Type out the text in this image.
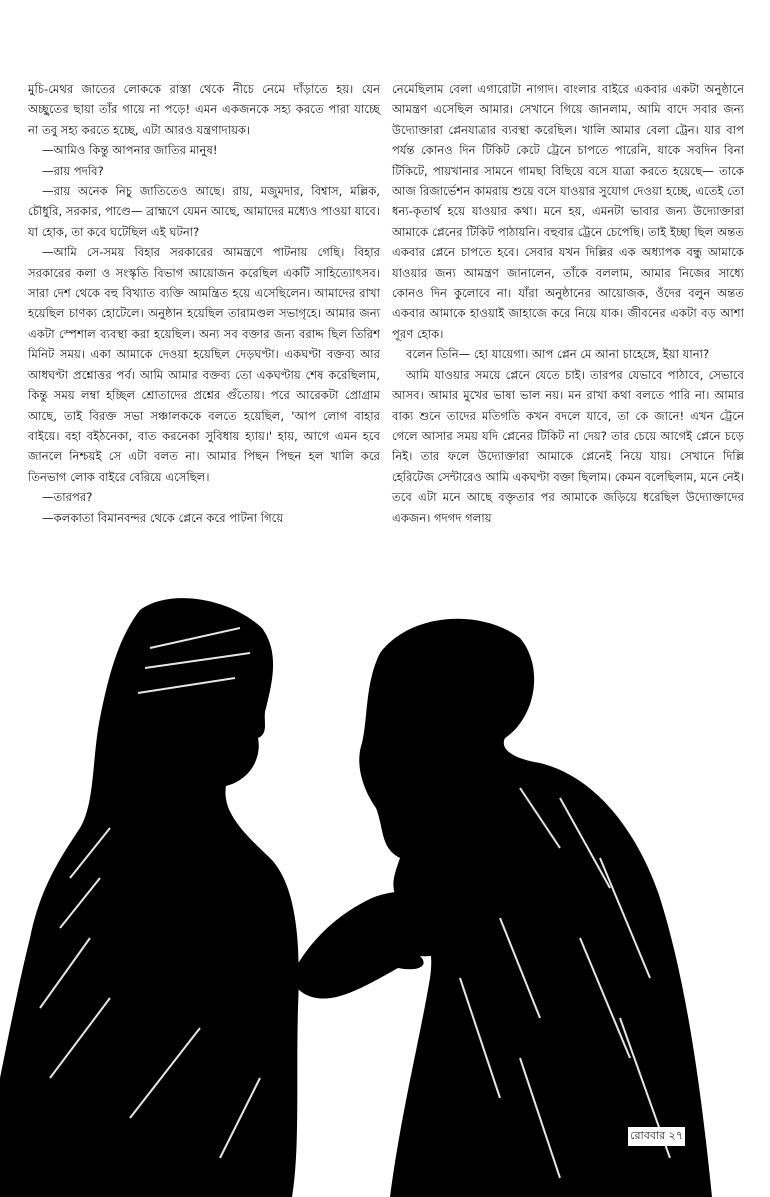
মুচি-মেথর জাতের লোককে রাস্তা থেকে নীচে নেমে দাঁড়াতে হয়। যেন অচ্ছুতের ছায়া তাঁর গায়ে না পড়ে! এমন একজনকে সহ্য করতে পারা যাচ্ছে না তবু সহ্য করতে হচ্ছে, এটা আরও যন্ত্রণাদায়ক।

—আমিও কিন্তু আপনার জাতির মানুষ!

—রায় পদবি?

—রায় অনেক নিচু জাতিতেও আছে। রায়, মজুমদার, বিশ্বাস, মল্লিক, চৌধুরি, সরকার, পাণ্ডে— ব্রাহ্মণে যেমন আছে, আমাদের মধ্যেও পাওয়া যাবে। যা হোক, তা কবে ঘটেছিল এই ঘটনা?

—আমি সে-সময় বিহার সরকারের আমন্ত্রণে পাটনায় গেছি। বিহার সরকারের কলা ও সংস্কৃতি বিভাগ আয়োজন করেছিল একটি সাহিত্যোৎসব। সারা দেশ থেকে বহু বিখ্যাত ব্যক্তি আমন্ত্রিত হয়ে এসেছিলেন। আমাদের রাখা হয়েছিল চাণক্য হোটেলে। অনুষ্ঠান হয়েছিল তারামণ্ডল সভাগৃহে। আমার জন্য একটা স্পেশাল ব্যবস্থা করা হয়েছিল। অন্য সব বক্তার জন্য বরাদ্দ ছিল তিরিশ মিনিট সময়। একা আমাকে দেওয়া হয়েছিল দেড়ঘণ্টা। একঘণ্টা বক্তব্য আর আধঘণ্টা প্রশ্নোত্তর পর্ব। আমি আমার বক্তব্য তো একঘণ্টায় শেষ করেছিলাম, কিন্তু সময় লম্বা হচ্ছিল শ্রোতাদের প্রশ্নের গুঁতোয়। পরে আরেকটা প্রোগ্রাম আছে, তাই বিরক্ত সভা সঞ্চালককে বলতে হয়েছিল, 'আপ লোগ বাহার বাইয়ে। বহা বইঠনেকা, বাত করনেকা সুবিধায় হ্যায়।' হায়, আগে এমন হবে জানলে নিশ্চয়ই সে এটা বলত না। আমার পিছন পিছন হল খালি করে তিনভাগ লোক বাইরে বেরিয়ে এসেছিল।

—তারপর?

—কলকাতা বিমানবন্দর থেকে প্লেনে করে পাটনা গিয়ে

নেমেছিলাম বেলা এগারোটা নাগাদ। বাংলার বাইরে একবার একটা অনুষ্ঠানে আমন্ত্রণ এসেছিল আমার। সেখানে গিয়ে জানলাম, আমি বাদে সবার জন্য উদ্যোক্তারা প্লেনযাত্রার ব্যবস্থা করেছিল। খালি আমার বেলা ট্রেন। যার বাপ পর্যন্ত কোনও দিন টিকিট কেটে ট্রেনে চাপতে পারেনি, যাকে সবদিন বিনা টিকিটে, পায়খানার সামনে গামছা বিছিয়ে বসে যাত্রা করতে হয়েছে— তাকে আজ রিজার্ভেশন কামরায় শুয়ে বসে যাওয়ার সুযোগ দেওয়া হচ্ছে, এতেই তো ধন্য-কৃতার্থ হয়ে যাওয়ার কথা। মনে হয়, এমনটা ভাবার জন্য উদ্যোক্তারা আমাকে প্লেনের টিকিট পাঠায়নি। বহুবার ট্রেনে চেপেছি। তাই ইচ্ছা ছিল অন্তত একবার প্লেনে চাপতে হবে। সেবার যখন দিল্লির এক অধ্যাপক বন্ধু আমাকে যাওয়ার জন্য আমন্ত্রণ জানালেন, তাঁকে বললাম, আমার নিজের সাধ্যে কোনও দিন কুলোবে না। যাঁরা অনুষ্ঠানের আয়োজক, ওঁদের বলুন অন্তত একবার আমাকে হাওয়াই জাহাজে করে নিয়ে যাক। জীবনের একটা বড় আশা পূরণ হোক।

বলেন তিনি— হো যায়েগা। আপ প্লেন মে আনা চাহেঙ্গে, ইয়া যানা?

আমি যাওয়ার সময়ে প্লেনে যেতে চাই। তারপর যেভাবে পাঠাবে, সেভাবে আসব। আমার মুখের ভাষা ভাল নয়। মন রাখা কথা বলতে পারি না। আমার বাক্য শুনে তাদের মতিগতি কখন বদলে যাবে, তা কে জানে! এখন ট্রেনে গেলে আসার সময় যদি প্লেনের টিকিট না দেয়? তার চেয়ে আগেই প্লেনে চড়ে নিই। তার ফলে উদ্যোক্তারা আমাকে প্লেনেই নিয়ে যায়। সেখানে দিল্লি হেরিটেজ সেন্টারেও আমি একঘণ্টা বক্তা ছিলাম। কেমন বলেছিলাম, মনে নেই। তবে এটা মনে আছে বক্তৃতার পর আমাকে জড়িয়ে ধরেছিল উদ্যোক্তাদের একজন। গদগদ গলায়

রোববার ২৭
